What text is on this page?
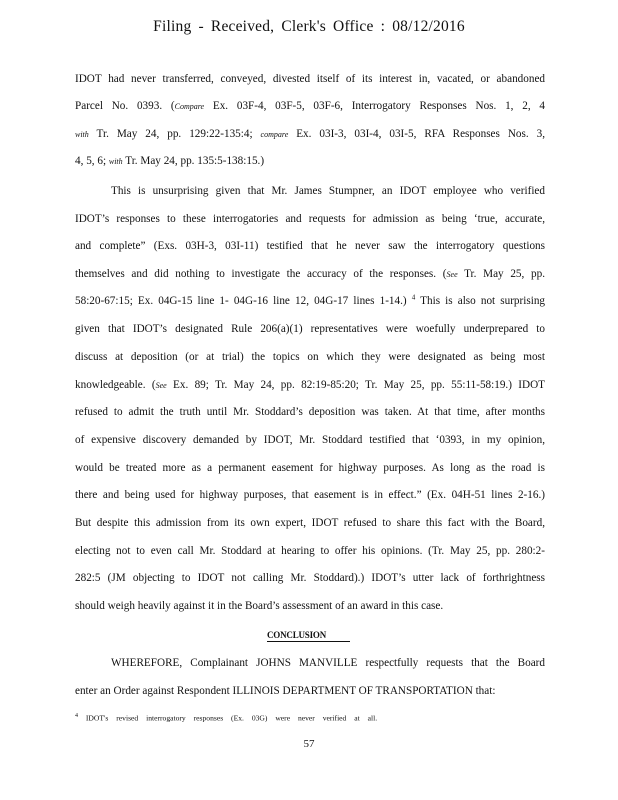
Filing - Received, Clerk's Office : 08/12/2016
IDOT had never transferred, conveyed, divested itself of its interest in, vacated, or abandoned
Parcel No. 0393. (Compare Ex. 03F-4, 03F-5, 03F-6, Interrogatory Responses Nos. 1, 2, 4
with Tr. May 24, pp. 129:22-135:4; compare Ex. 03I-3, 03I-4, 03I-5, RFA Responses Nos. 3,
4, 5, 6; with Tr. May 24, pp. 135:5-138:15.)
This is unsurprising given that Mr. James Stumpner, an IDOT employee who verified
IDOT’s responses to these interrogatories and requests for admission as being ‘true, accurate,
and complete” (Exs. 03H-3, 03I-11) testified that he never saw the interrogatory questions
themselves and did nothing to investigate the accuracy of the responses. (See Tr. May 25, pp.
58:20-67:15; Ex. 04G-15 line 1- 04G-16 line 12, 04G-17 lines 1-14.) $^4$ This is also not surprising
given that IDOT’s designated Rule 206(a)(1) representatives were woefully underprepared to
discuss at deposition (or at trial) the topics on which they were designated as being most
knowledgeable. (See Ex. 89; Tr. May 24, pp. 82:19-85:20; Tr. May 25, pp. 55:11-58:19.) IDOT
refused to admit the truth until Mr. Stoddard’s deposition was taken. At that time, after months
of expensive discovery demanded by IDOT, Mr. Stoddard testified that ‘0393, in my opinion,
would be treated more as a permanent easement for highway purposes. As long as the road is
there and being used for highway purposes, that easement is in effect.” (Ex. 04H-51 lines 2-16.)
But despite this admission from its own expert, IDOT refused to share this fact with the Board,
electing not to even call Mr. Stoddard at hearing to offer his opinions. (Tr. May 25, pp. 280:2-
282:5 (JM objecting to IDOT not calling Mr. Stoddard).) IDOT’s utter lack of forthrightness
should weigh heavily against it in the Board’s assessment of an award in this case.
CONCLUSION
WHEREFORE, Complainant JOHNS MANVILLE respectfully requests that the Board
enter an Order against Respondent ILLINOIS DEPARTMENT OF TRANSPORTATION that:
$^4$ IDOT's revised interrogatory responses (Ex. 03G) were never verified at all.
57
